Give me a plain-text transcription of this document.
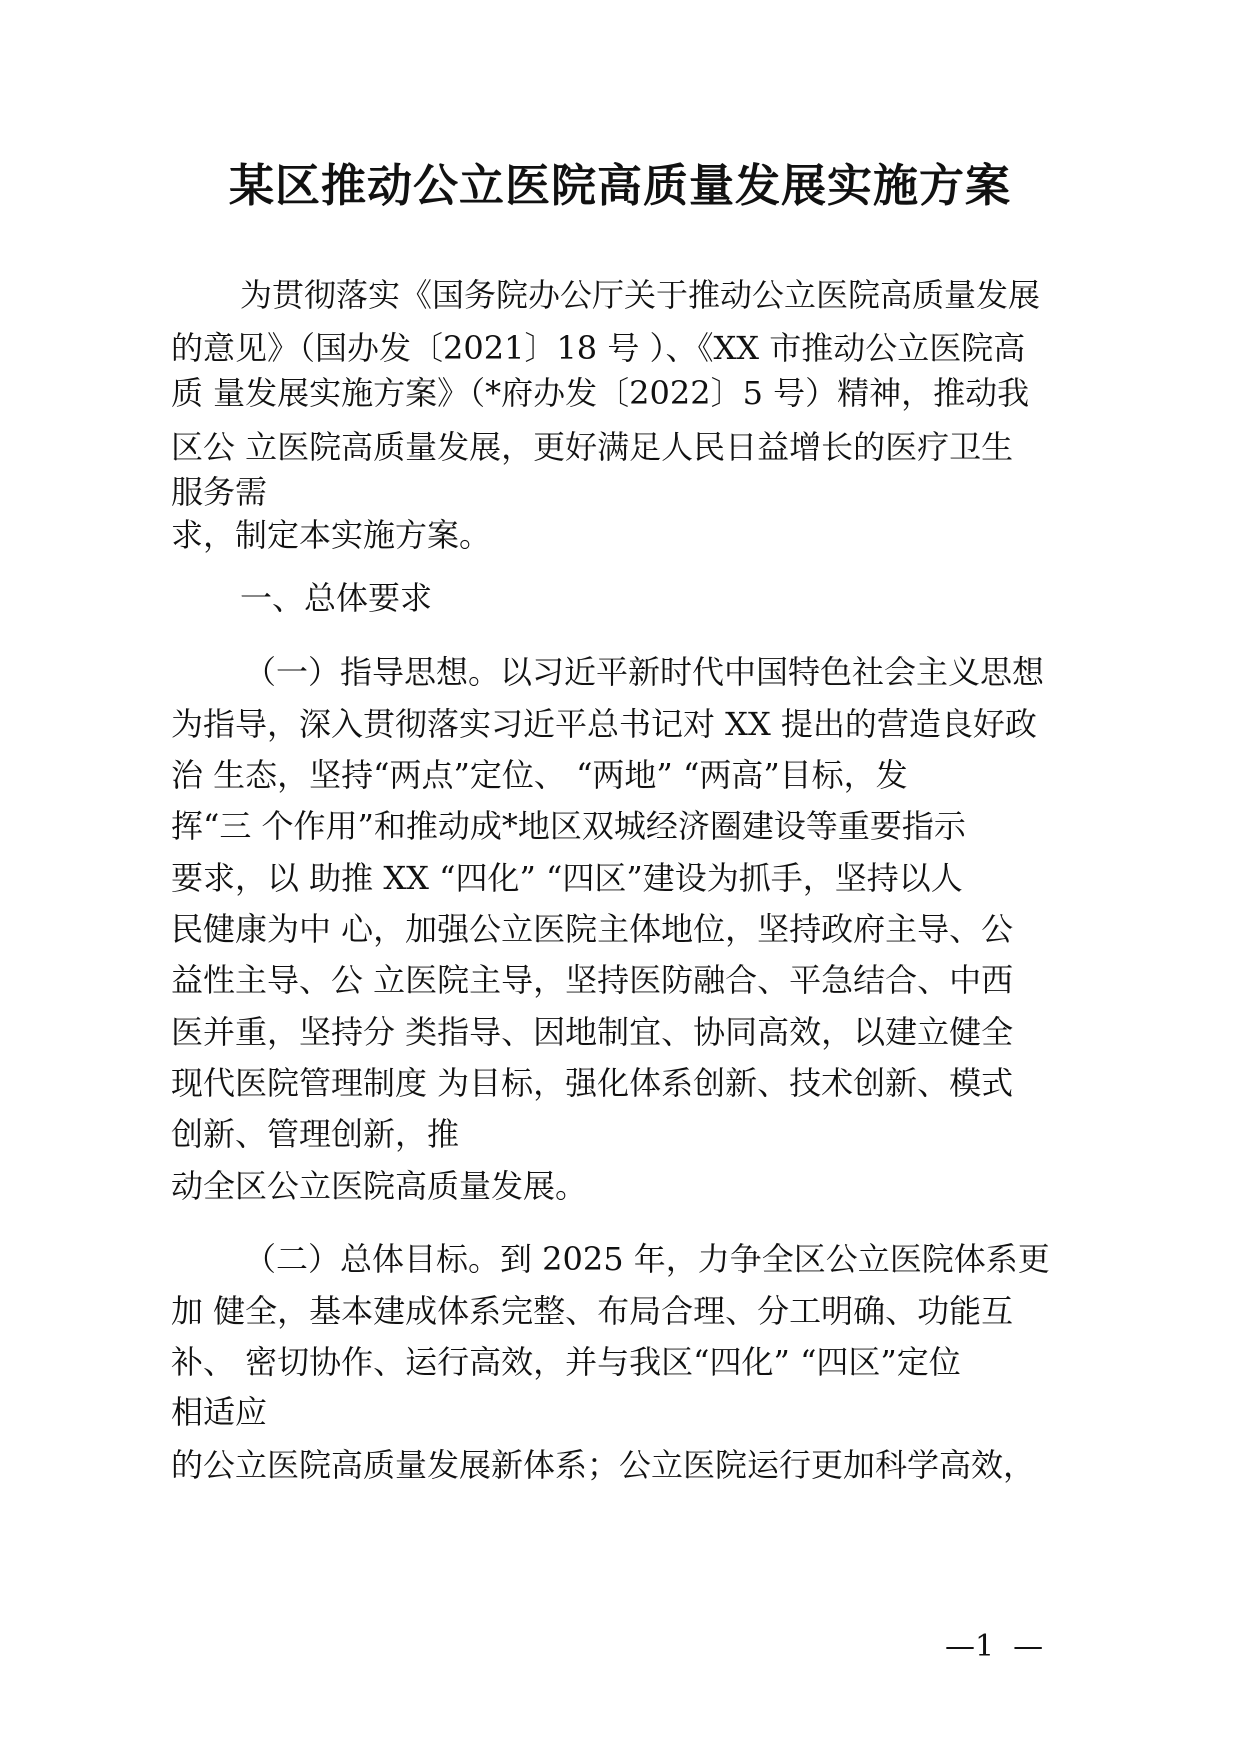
某区推动公立医院高质量发展实施方案
为贯彻落实《国务院办公厅关于推动公立医院高质量发展
的意见》（国办发〔2021〕18 号 ）、《XX 市推动公立医院高
质 量发展实施方案》（*府办发〔2022〕5 号）精神，推动我
区公 立医院高质量发展，更好满足人民日益增长的医疗卫生
服务需
求，制定本实施方案。
一、总体要求
（一）指导思想。以习近平新时代中国特色社会主义思想
为指导，深入贯彻落实习近平总书记对 XX 提出的营造良好政
治 生态，坚持“两点”定位、 “两地” “两高”目标，发
挥“三 个作用”和推动成*地区双城经济圈建设等重要指示
要求，以 助推 XX “四化” “四区”建设为抓手，坚持以人
民健康为中 心，加强公立医院主体地位，坚持政府主导、公
益性主导、公 立医院主导，坚持医防融合、平急结合、中西
医并重，坚持分 类指导、因地制宜、协同高效，以建立健全
现代医院管理制度 为目标，强化体系创新、技术创新、模式
创新、管理创新，推
动全区公立医院高质量发展。
（二）总体目标。到 2025 年，力争全区公立医院体系更
加 健全，基本建成体系完整、布局合理、分工明确、功能互
补、 密切协作、运行高效，并与我区“四化” “四区”定位
相适应
的公立医院高质量发展新体系；公立医院运行更加科学高效，
—1  —
